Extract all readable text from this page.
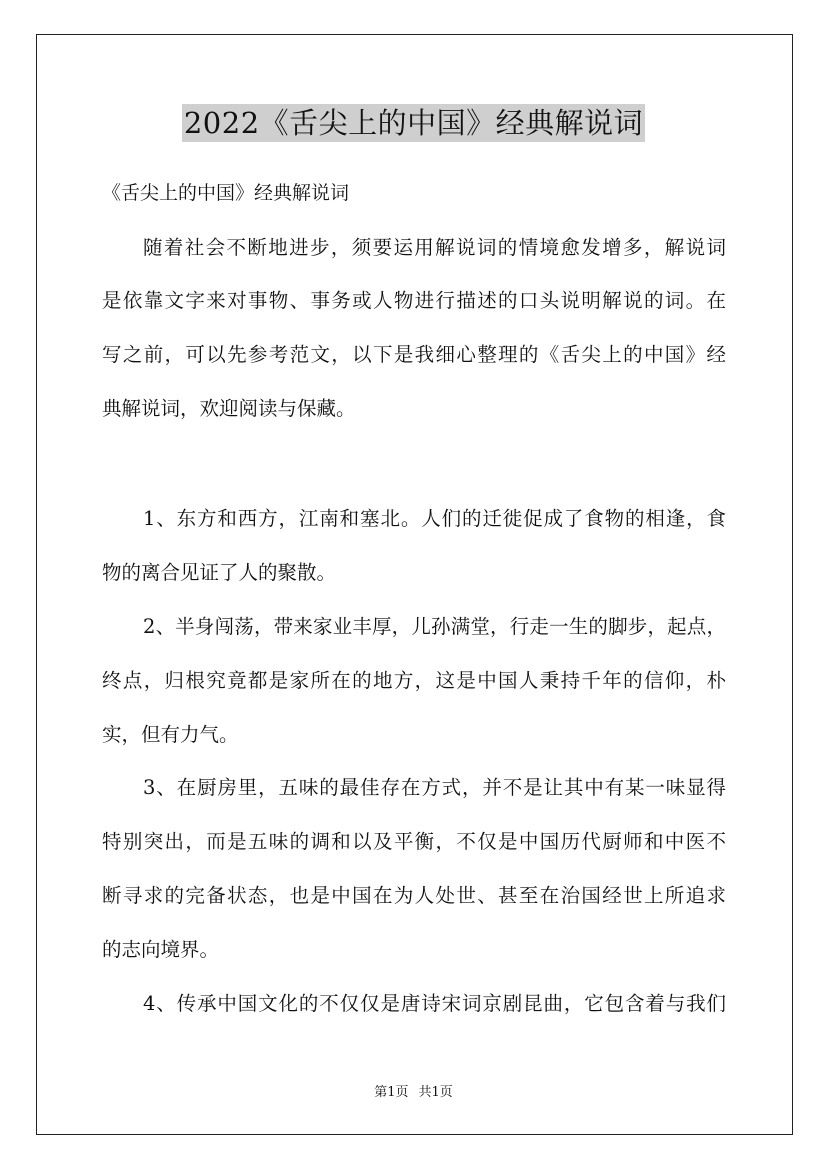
2022《舌尖上的中国》经典解说词
《舌尖上的中国》经典解说词
随着社会不断地进步，须要运用解说词的情境愈发增多，解说词
是依靠文字来对事物、事务或人物进行描述的口头说明解说的词。在
写之前，可以先参考范文，以下是我细心整理的《舌尖上的中国》经
典解说词，欢迎阅读与保藏。
1、东方和西方，江南和塞北。人们的迁徙促成了食物的相逢，食
物的离合见证了人的聚散。
2、半身闯荡，带来家业丰厚，儿孙满堂，行走一生的脚步，起点，
终点，归根究竟都是家所在的地方，这是中国人秉持千年的信仰，朴
实，但有力气。
3、在厨房里，五味的最佳存在方式，并不是让其中有某一味显得
特别突出，而是五味的调和以及平衡，不仅是中国历代厨师和中医不
断寻求的完备状态，也是中国在为人处世、甚至在治国经世上所追求
的志向境界。
4、传承中国文化的不仅仅是唐诗宋词京剧昆曲，它包含着与我们
第1页 共1页
